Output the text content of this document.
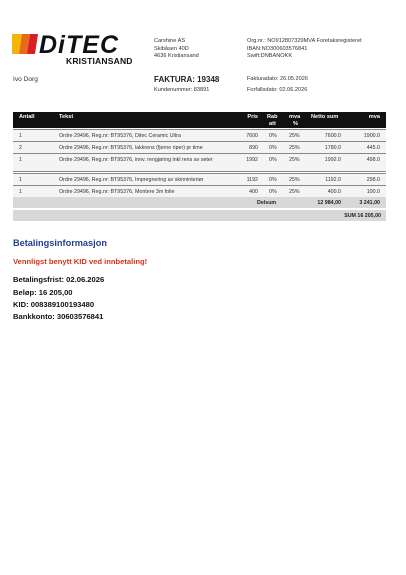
DiTEC
KRISTIANSAND
Carshine AS
Skibåsen 40D
4636 Kristiansand
Org.nr.: NO912807329MVA Foretaksregisteret
IBAN:NO3006035768​41
Swift:DNBANOKK
Ivo Dorg	FAKTURA: 19348
Kundenummer: 83891
Fakturadato: 26.05.2026
Forfallsdato: 02.06.2026
Antall	Tekst	Pris Rab
att
mva
%
Netto sum	mva
1	Ordre 29496, Reg.nr: BT95376, Ditec Ceramic Ultra	7600 0% 25%	7600.0	1900.0
2	Ordre 29496, Reg.nr: BT95376, lakkrens (fjerne riper) pr time	890 0% 25%	1780.0	445.0
1	Ordre 29496, Reg.nr: BT95376, innv. rengjøring inkl rens av seter	1992 0% 25%	1992.0	498.0
1	Ordre 29496, Reg.nr: BT95376, Impregnering av skinninteriør	1192 0% 25%	1192.0	298.0
1	Ordre 29496, Reg.nr: BT95376, Montere 3m folie	400 0% 25%	400.0	100.0
Delsum	12 984,00	3 241,00
SUM 16 205,00
Betalingsinformasjon
Vennligst benytt KID ved innbetaling!
Betalingsfrist: 02.06.2026
Beløp: 16 205,00
KID: 008389100193480
Bankkonto: 30603576841
